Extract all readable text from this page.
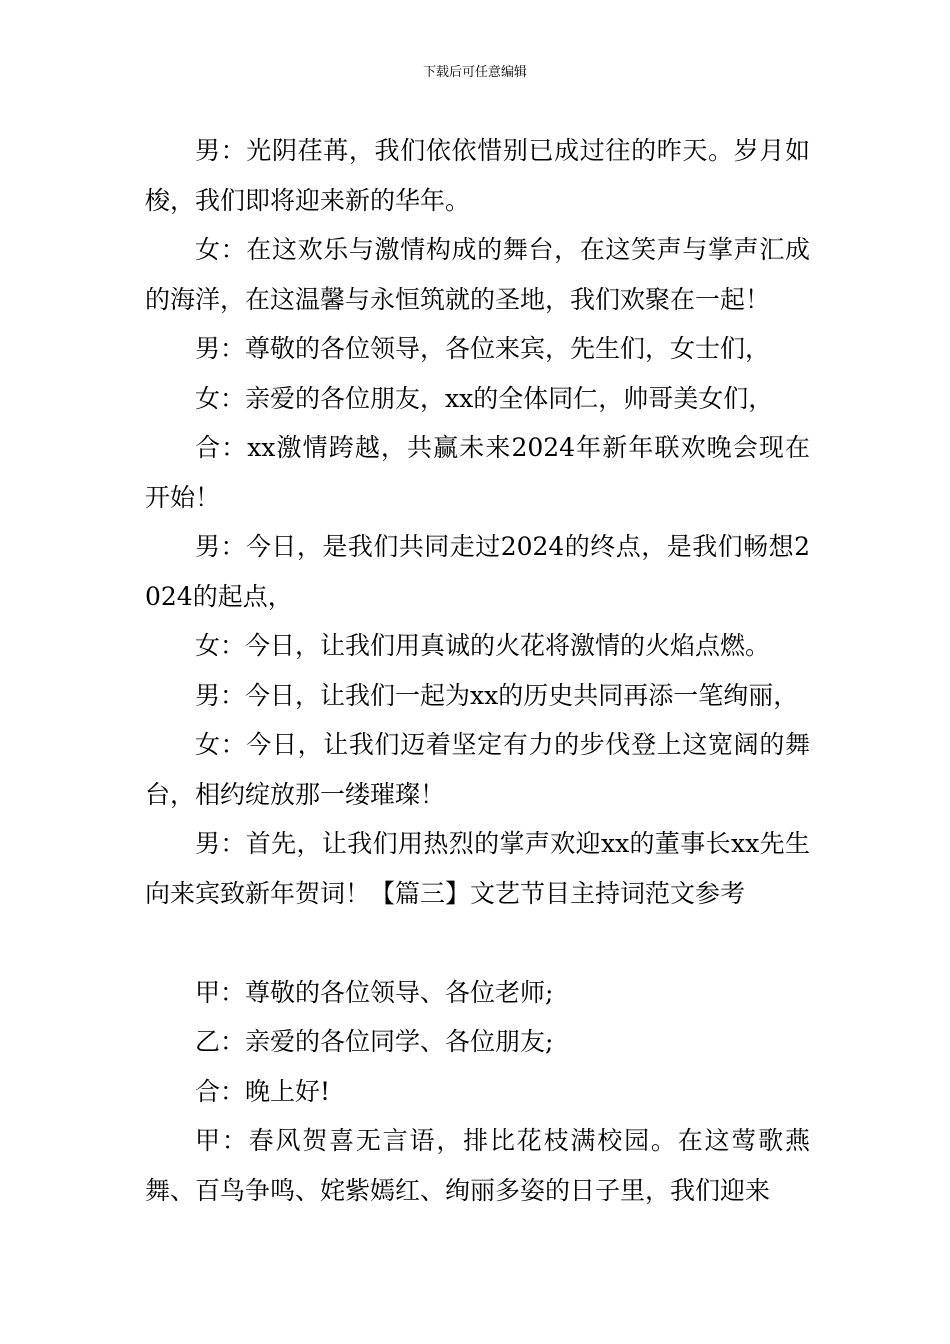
下载后可任意编辑

男：光阴荏苒，我们依依惜别已成过往的昨天。岁月如梭，我们即将迎来新的华年。

女：在这欢乐与激情构成的舞台，在这笑声与掌声汇成的海洋，在这温馨与永恒筑就的圣地，我们欢聚在一起！

男：尊敬的各位领导，各位来宾，先生们，女士们，

女：亲爱的各位朋友，xx的全体同仁，帅哥美女们，

合：xx激情跨越，共赢未来2024年新年联欢晚会现在开始！

男：今日，是我们共同走过2024的终点，是我们畅想2024的起点，

女：今日，让我们用真诚的火花将激情的火焰点燃。

男：今日，让我们一起为xx的历史共同再添一笔绚丽，

女：今日，让我们迈着坚定有力的步伐登上这宽阔的舞台，相约绽放那一缕璀璨！

男：首先，让我们用热烈的掌声欢迎xx的董事长xx先生向来宾致新年贺词！【篇三】文艺节目主持词范文参考

甲：尊敬的各位领导、各位老师;

乙：亲爱的各位同学、各位朋友;

合：晚上好!

甲：春风贺喜无言语，排比花枝满校园。在这莺歌燕舞、百鸟争鸣、姹紫嫣红、绚丽多姿的日子里，我们迎来
